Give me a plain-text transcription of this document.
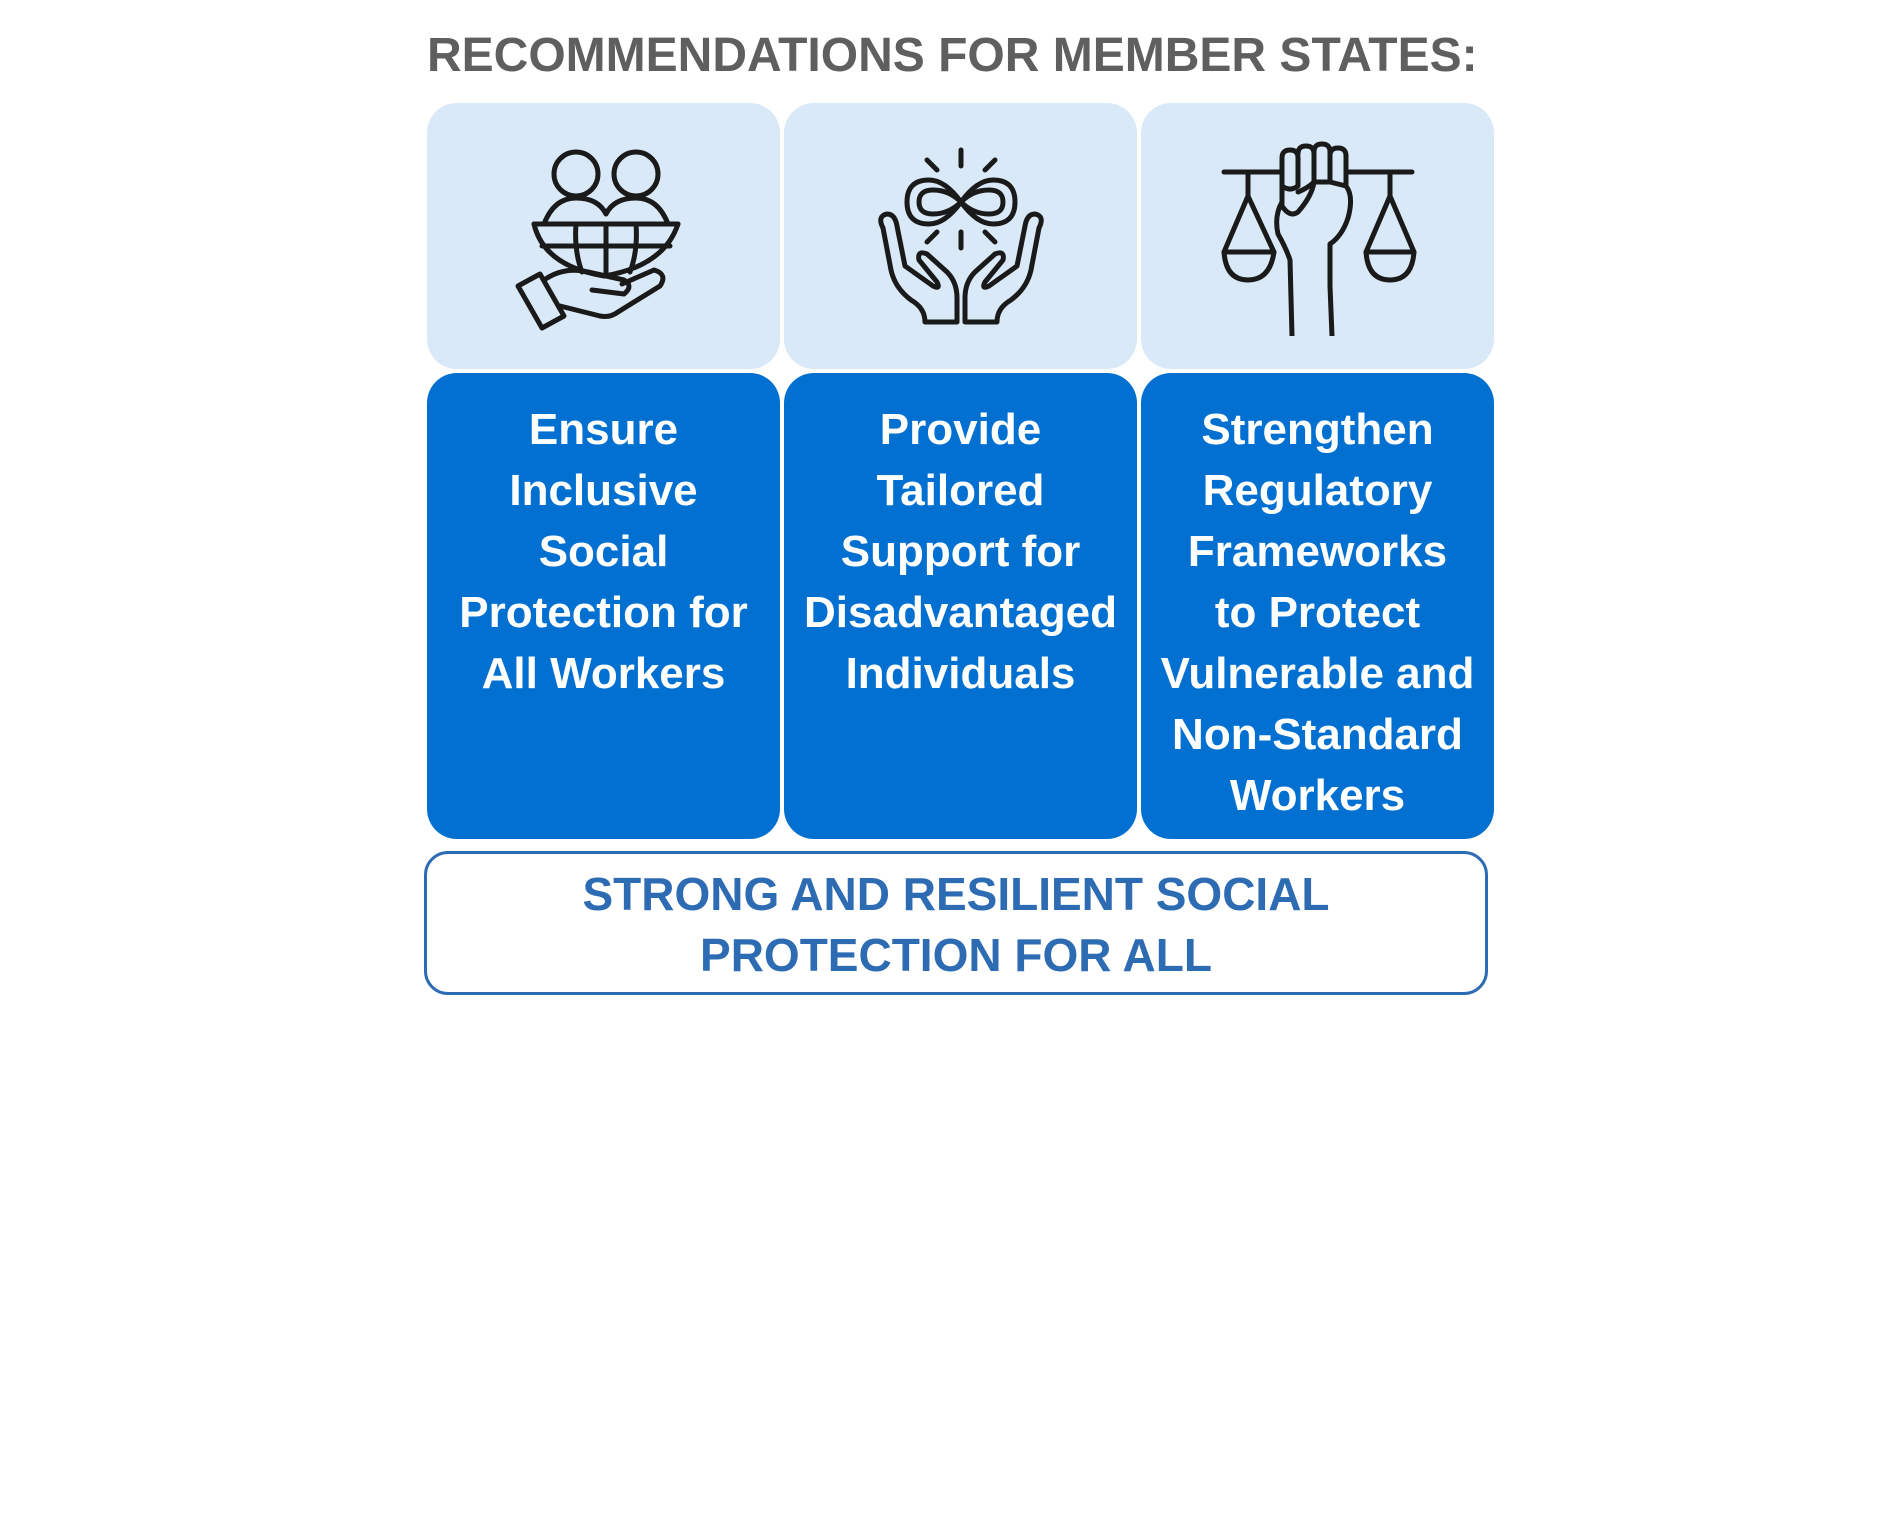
RECOMMENDATIONS FOR MEMBER STATES:
Ensure
Inclusive
Social
Protection for
All Workers
Provide
Tailored
Support for
Disadvantaged
Individuals
Strengthen
Regulatory
Frameworks
to Protect
Vulnerable and
Non-Standard
Workers
STRONG AND RESILIENT SOCIAL
PROTECTION FOR ALL
